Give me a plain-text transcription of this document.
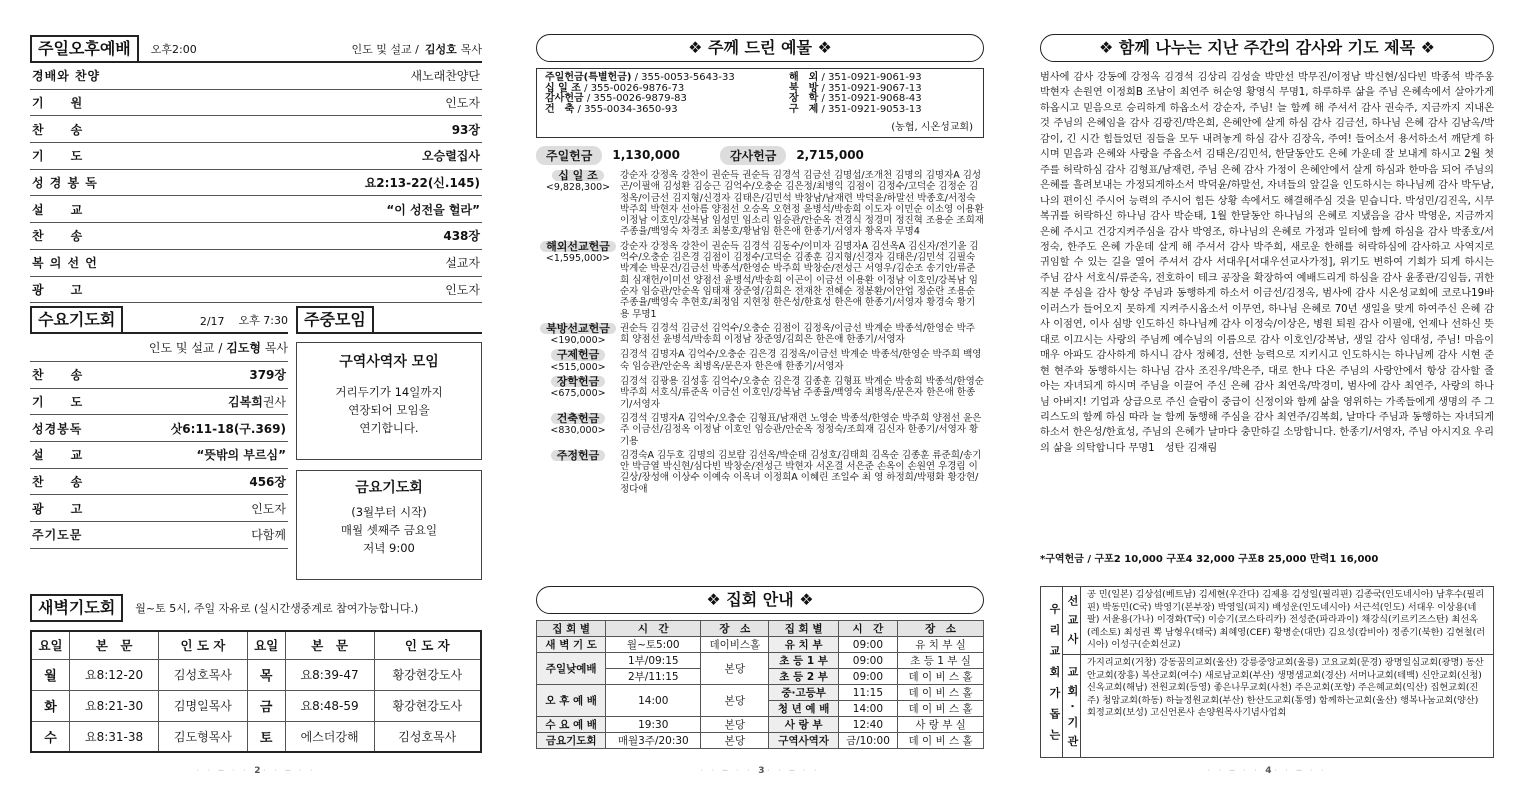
주일오후예배	오후2:00	인도 및 설교 / 김성호 목사
경배와 찬양	새노래찬양단
기　　원	인도자
찬　　송	93장
기　　도	오승렬집사
성 경 봉 독	요2:13-22(신.145)
설　　교	“이 성전을 헐라”
찬　　송	438장
복 의 선 언	설교자
광　　고	인도자
수요기도회	2/17 오후 7:30
인도 및 설교 / 김도형 목사
찬　　송	379장
기　　도	김복희권사
성경봉독	삿6:11-18(구.369)
설　　교	“뜻밖의 부르심”
찬　　송	456장
광　　고	인도자
주기도문	다함께
주중모임
구역사역자 모임
거리두기가 14일까지
연장되어 모임을
연기합니다.
금요기도회
(3월부터 시작)
매월 셋째주 금요일
저녁 9:00
새벽기도회	월~토 5시, 주일 자유로 (실시간생중계로 참여가능합니다.)
요일	본　문	인 도 자	요일	본　문	인 도 자
월	요8:12-20	김성호목사	목	요8:39-47	황강현강도사
화	요8:21-30	김명일목사	금	요8:48-59	황강현강도사
수	요8:31-38	김도형목사	토	에스더강해	김성호목사
· · ─ · · 2 · · ─ · ·
❖ 주께 드린 예물 ❖
주일헌금(특별헌금) / 355-0053-5643-33
십 일 조 / 355-0026-9876-73
감사헌금 / 355-0026-9879-83
건　축 / 355-0034-3650-93
해　외 / 351-0921-9061-93
북　방 / 351-0921-9067-13
장　학 / 351-0921-9068-43
구　제 / 351-0921-9053-13
(농협, 시온성교회)
주일헌금	1,130,000	감사헌금	2,715,000
십 일 조
<9,828,300>
강순자 강정옥 강찬이 권순득 권순득 김경석 김금선 김명섭/조개천 김명의 김명자A 김성곤/이필애 김성환 김승근 김억수/오충순 김은정/최병익 김점이 김정수/고덕순 김정순 김정옥/이금선 김지형/신경자 김태은/김민석 박창남/남재련 박덕윤/하말선 박종호/서정숙 박주희 박현자 선아름 양점선 오승옥 오현정 윤병석/박송희 이도자 이민순 이소영 이용환 이정남 이호인/강복남 임성민 임소리 임승관/안순옥 전경식 정경미 정진혁 조용순 조희재 주종율/백영숙 차경조 최봉호/황남임 한은애 한종기/서영자 황옥자 무명4
해외선교헌금
<1,595,000>
강순자 강정옥 강찬이 권순득 김경석 김동수/이미자 김명자A 김선옥A 김신자/전기윤 김억수/오충순 김은경 김점이 김정수/고덕순 김종훈 김지형/신경자 김태은/김민석 김필숙 박계순 박문건/김금선 박종석/한영순 박주희 박창순/전성근 서영우/김순조 송기안/류준희 심재헌/이미선 양점선 윤병석/박송희 이곤이 이금선 이용환 이정남 이호인/강복남 임순자 임승관/안순옥 임태재 장준영/김희은 전재찬 전혜순 정봉환/이안업 정순란 조용순 주종율/백영숙 추현호/최정임 지현정 한은성/한효성 한은애 한종기/서영자 황경숙 황기용 무명1
북방선교헌금
<190,000>
권순득 김경석 김금선 김억수/오충순 김점이 김정옥/이금선 박계순 박종석/한영순 박주희 양점선 윤병석/박송희 이정남 장준영/김희은 한은애 한종기/서영자
구제헌금
<515,000>
김경석 김명자A 김억수/오충순 김은경 김정옥/이금선 박계순 박종석/한영순 박주희 백영숙 임승관/안순옥 최병옥/문은자 한은애 한종기/서영자
장학헌금
<675,000>
김경석 김광용 김성홍 김억수/오충순 김은경 김종훈 김형표 박계순 박송희 박종석/한영순 박주희 서호식/류준옥 이금선 이호인/강복남 주종율/백영숙 최병옥/문은자 한은애 한종기/서영자
건축헌금
<830,000>
김경석 김명자A 김억수/오충순 김형표/남재련 노영순 박종석/한영순 박주희 양점선 윤은주 이금선/김정옥 이정남 이호인 임승관/안순옥 정정숙/조희재 김신자 한종기/서영자 황기용
주정헌금	김경숙A 김두호 김명의 김보람 김선옥/박순태 김성호/김태희 김옥순 김종훈 류준희/송기안 박금열 박신현/심다빈 박창순/전성근 박현자 서온결 서은준 손옥이 손원연 우경림 이길상/장성애 이상수 이예숙 이옥녀 이정희A 이혜린 조일수 최 영 하정희/박평화 황강현/정다애
❖ 집회 안내 ❖
집 회 별	시　간	장　소	집 회 별	시　간	장　소
새 벽 기 도	월~토5:00	데이비스홀	유 치 부	09:00	유 치 부 실
주일낮예배	1부/09:15
2부/11:15	본당	초 등 1 부	09:00	초 등 1 부 실
			초 등 2 부	09:00	데 이 비 스 홀
오 후 예 배	14:00	본당	중·고등부	11:15	데 이 비 스 홀
			청 년 예 배	14:00	데 이 비 스 홀
수 요 예 배	19:30	본당	사 랑 부	12:40	사 랑 부 실
금요기도회	매월3주/20:30	본당	구역사역자	금/10:00	데 이 비 스 홀
· · ─ · · 3 · · ─ · ·
❖ 함께 나누는 지난 주간의 감사와 기도 제목 ❖
범사에 감사 강동예 강정옥 김경석 김상리 김성술 박만선 박무진/이정남 박신현/심다빈 박종석 박주옹 박현자 손원연 이정희B 조남이 최연주 허순영 황영식 무명1, 하루하루 삶을 주님 은혜속에서 살아가게 하옵시고 믿음으로 승리하게 하옵소서 강순자, 주님! 늘 함께 해 주셔서 감사 권숙주, 지금까지 지내온 것 주님의 은혜임을 감사 김광진/박은희, 은혜안에 살게 하심 감사 김금선, 하나님 은혜 감사 김남옥/박감이, 긴 시간 힘들었던 짐들을 모두 내려놓게 하심 감사 김장옥, 주여! 들어소서 용서하소서 깨닫게 하시며 믿음과 은혜와 사랑을 주옵소서 김태은/김민석, 한달동안도 은혜 가운데 잘 보내게 하시고 2월 첫주를 허락하심 감사 김형표/남재련, 주님 은혜 감사 가정이 은혜안에서 살게 하심과 한마음 되어 주님의 은혜를 흘려보내는 가정되게하소서 박덕윤/하말선, 자녀들의 앞길을 인도하시는 하나님께 감사 박두남, 나의 편이신 주시어 능력의 주시어 힘든 상황 속에서도 해결해주심 것을 믿습니다. 박성민/김진옥, 시무 복귀를 허락하신 하나님 감사 박순태, 1월 한달동안 하나님의 은혜로 지냈음을 감사 박영운, 지금까지 은혜 주시고 건강지켜주심을 감사 박영조, 하나님의 은혜로 가정과 일터에 함께 하심을 감사 박종호/서정숙, 한주도 은혜 가운데 살게 해 주셔서 감사 박주희, 새로운 한해를 허락하심에 감사하고 사역지로 귀임할 수 있는 길을 열어 주셔서 감사 서대우[서대우선교사가정], 위기도 변하여 기회가 되게 하시는 주님 감사 서호식/류준옥, 전호하이 테크 공장을 확장하여 예배드리게 하심을 감사 윤종관/김임듬, 귀한 직분 주심을 감사 항상 주님과 동행하게 하소서 이금선/김정옥, 범사에 감사 시온성교회에 코로나19바이러스가 들어오지 못하게 지켜주시옵소서 이무연, 하나님 은혜로 70년 생일을 맞게 하여주신 은혜 감사 이점연, 이사 심방 인도하신 하나님께 감사 이정숙/이상은, 병원 퇴원 감사 이필애, 언제나 선하신 뜻대로 이끄시는 사랑의 주님께 예수님의 이름으로 감사 이호인/강복남, 생일 감사 임대성, 주님! 마음이 매우 아파도 감사하게 하시니 감사 정혜경, 선한 능력으로 지키시고 인도하시는 하나님께 감사 시현 준현 현주와 동행하시는 하나님 감사 조진우/박은주, 대로 한나 다온 주님의 사랑안에서 항상 감사할 줄 아는 자녀되게 하시며 주님을 이끌어 주신 은혜 감사 최연욱/박경미, 범사에 감사 최연주, 사랑의 하나님 아버지! 기업과 상급으로 주신 슬람이 중급이 신정이와 함께 삶을 영위하는 가족들에게 생명의 주 그리스도의 함께 하심 따라 늘 함께 동행해 주심을 감사 최연주/김복희, 날마다 주님과 동행하는 자녀되게 하소서 한은성/한효성, 주님의 은혜가 날마다 충만하길 소망합니다. 한종기/서영자, 주님 아시지요 우리의 삶을 의탁합니다 무명1　성탄 김재림
*구역헌금 / 구포2 10,000 구포4 32,000 구포8 25,000 만력1 16,000
우리교회가돕는 선교사
교회·기관
공 민(일본) 김상섭(베트남) 김세현(우간다) 김제용 김성일(필리핀) 김종국(인도네시아) 남후수(필리핀) 박동민(C국) 박영기(본부장) 박영일(피지) 배성운(인도네시아) 서근석(인도) 서대우 이상용(네팔) 서윤용(가나) 이경화(T국) 이승기(코스타리카) 전성준(파라과이) 채강식(키르키즈스탄) 최선옥(레소토) 최성권 뽁 남형우(태국) 최혜영(CEF) 황병순(대만) 김요성(캄비아) 정종기(북한) 김현철(러시아) 이성구(순회선교)
가지리교회(거창) 강동꿈의교회(울산) 강릉중앙교회(울릉) 고요교회(문경) 광명일심교회(광명) 동산안교회(장흥) 복산교회(여수) 새로남교회(부산) 생명샘교회(경산) 서머나교회(테백) 신안교회(신청) 신옥교회(해남) 전원교회(등영) 좋은나무교회(사천) 주은교회(포항) 주은혜교회(익산) 집현교회(진주) 청암교회(하동) 하늘정원교회(부산) 한산도교회(통영) 함께하는교회(울산) 행복나눔교회(양산) 회정교회(보성) 고신언론사 손양원목사기념사업회
· · ─ · · 4 · · ─ · ·
